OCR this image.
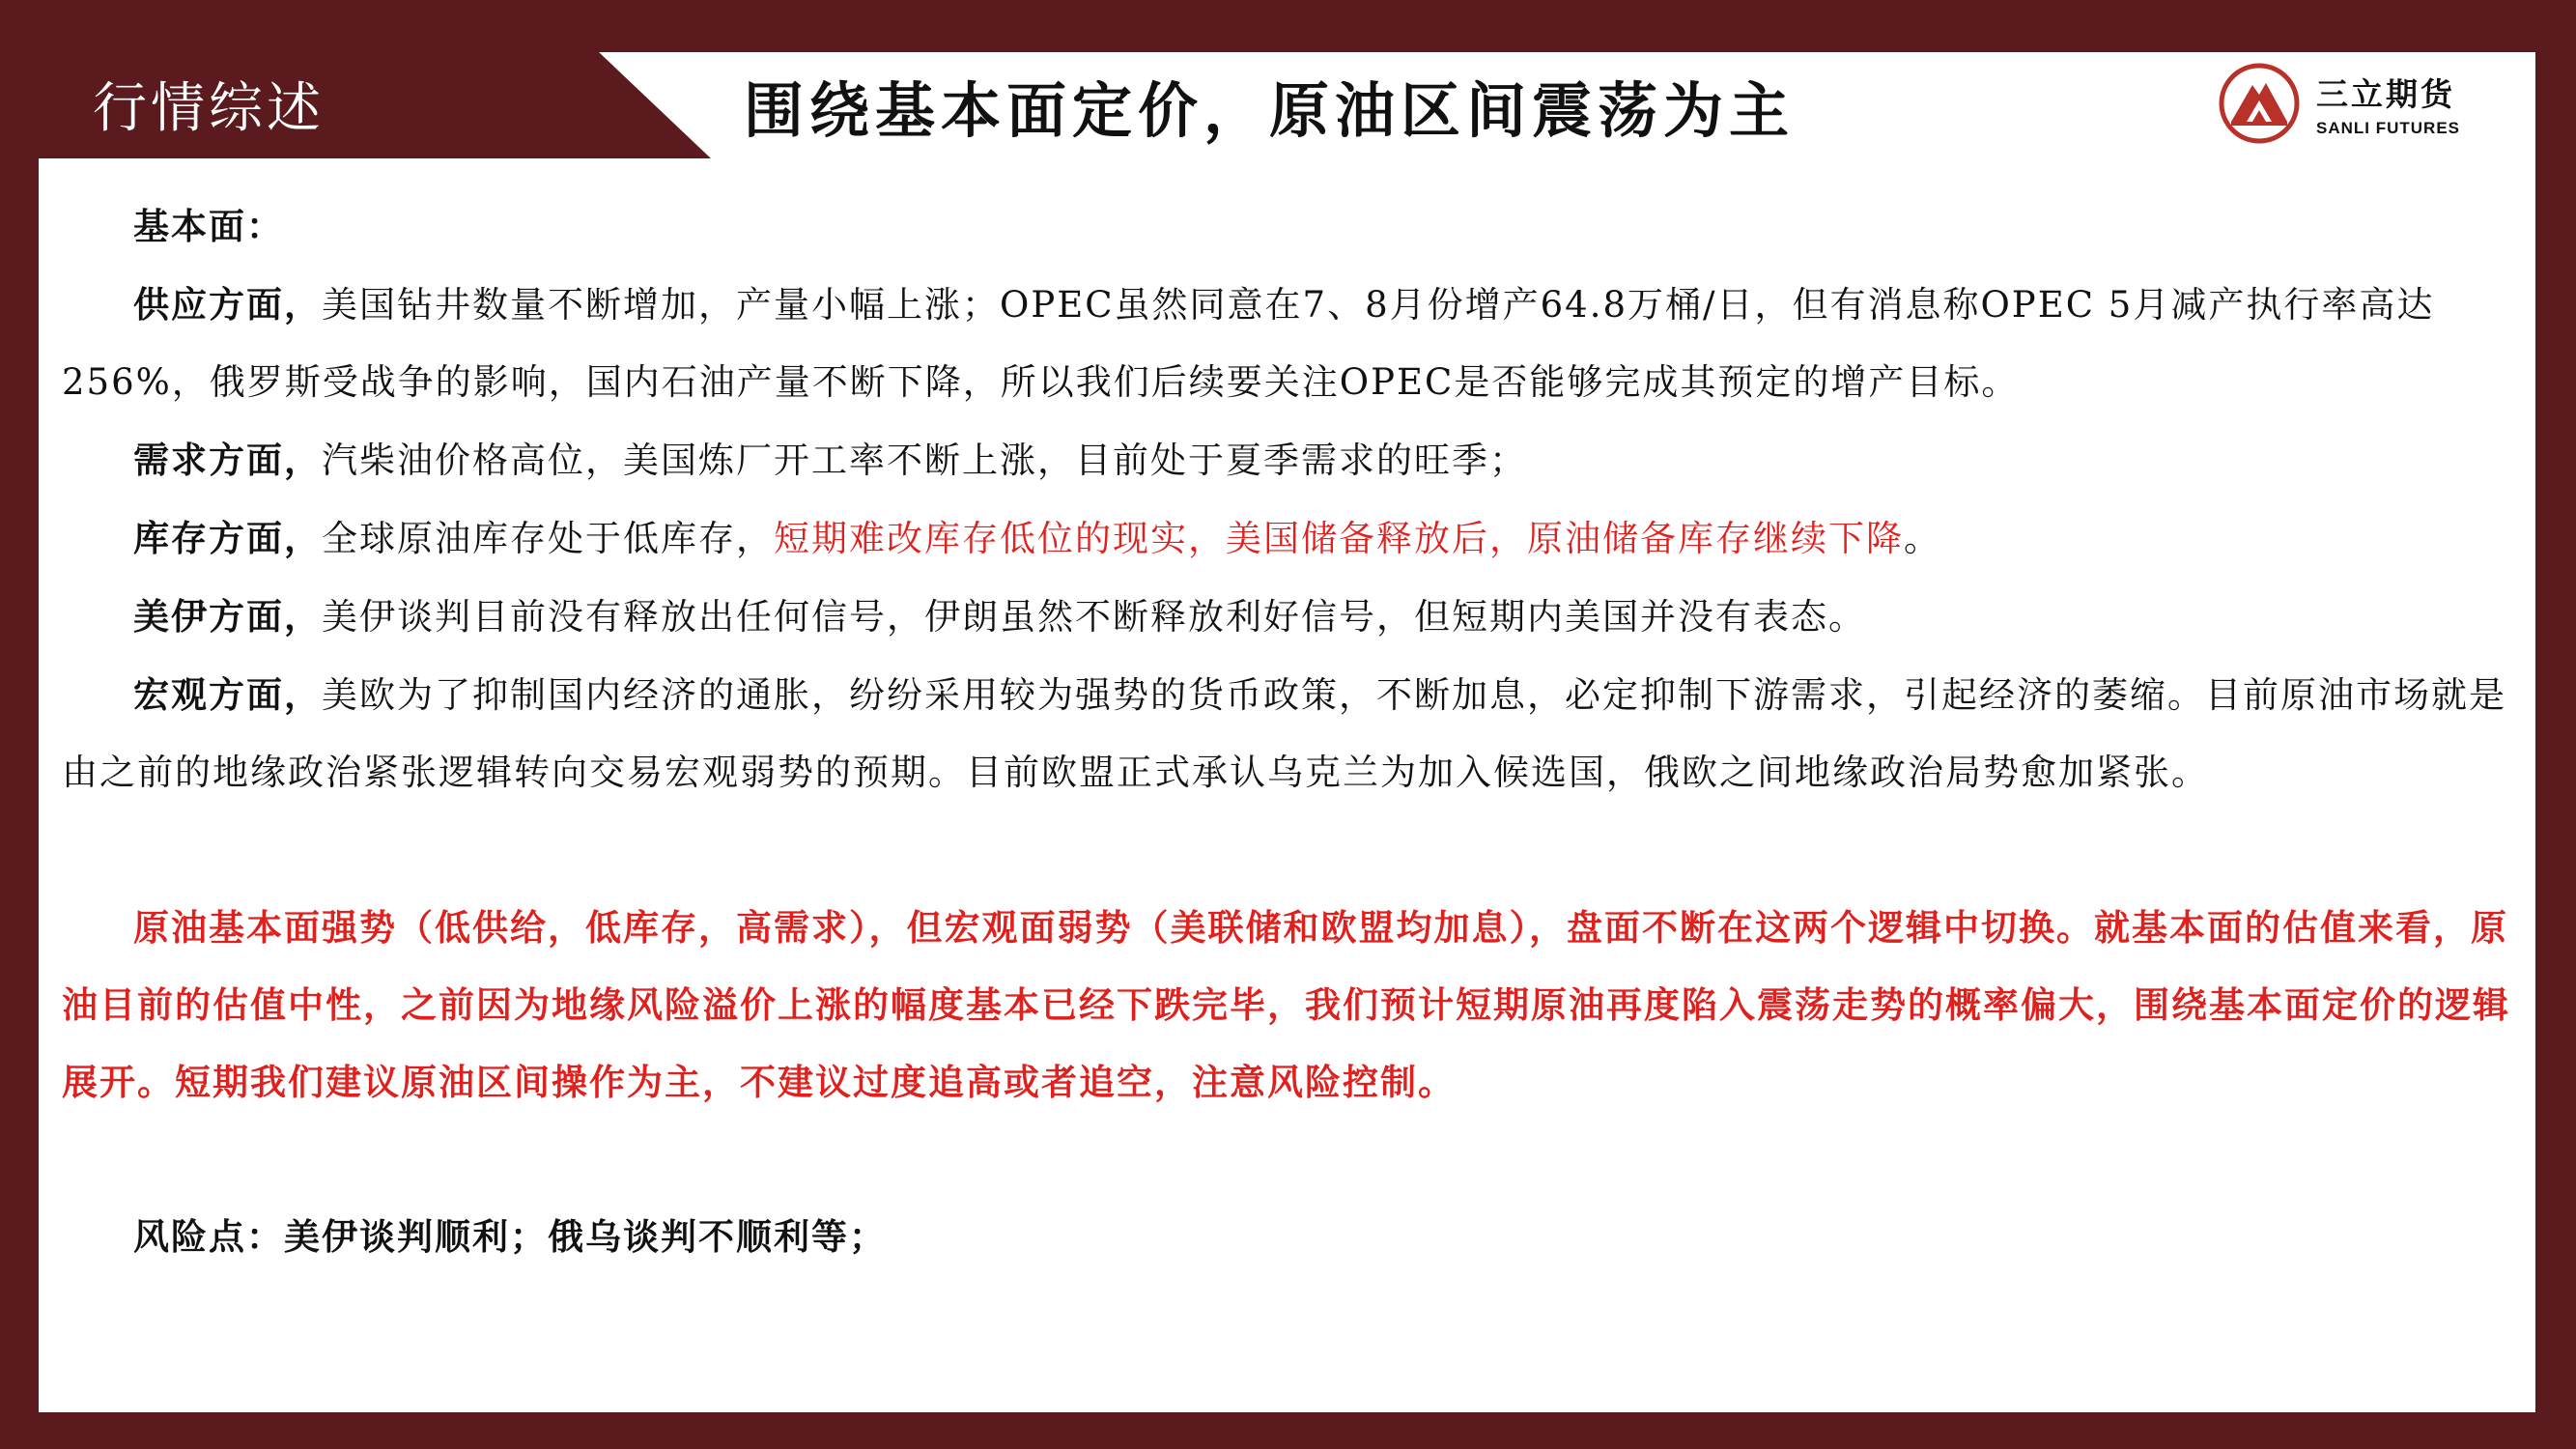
行情综述	围绕基本面定价，原油区间震荡为主	三立期货
SANLI FUTURES

基本面：

供应方面，美国钻井数量不断增加，产量小幅上涨；OPEC虽然同意在7、8月份增产64.8万桶/日，但有消息称OPEC 5月减产执行率高达256%，俄罗斯受战争的影响，国内石油产量不断下降，所以我们后续要关注OPEC是否能够完成其预定的增产目标。

需求方面，汽柴油价格高位，美国炼厂开工率不断上涨，目前处于夏季需求的旺季；

库存方面，全球原油库存处于低库存，短期难改库存低位的现实，美国储备释放后，原油储备库存继续下降。

美伊方面，美伊谈判目前没有释放出任何信号，伊朗虽然不断释放利好信号，但短期内美国并没有表态。

宏观方面，美欧为了抑制国内经济的通胀，纷纷采用较为强势的货币政策，不断加息，必定抑制下游需求，引起经济的萎缩。目前原油市场就是由之前的地缘政治紧张逻辑转向交易宏观弱势的预期。目前欧盟正式承认乌克兰为加入候选国，俄欧之间地缘政治局势愈加紧张。

原油基本面强势（低供给，低库存，高需求），但宏观面弱势（美联储和欧盟均加息），盘面不断在这两个逻辑中切换。就基本面的估值来看，原油目前的估值中性，之前因为地缘风险溢价上涨的幅度基本已经下跌完毕，我们预计短期原油再度陷入震荡走势的概率偏大，围绕基本面定价的逻辑展开。短期我们建议原油区间操作为主，不建议过度追高或者追空，注意风险控制。

风险点：美伊谈判顺利；俄乌谈判不顺利等；
